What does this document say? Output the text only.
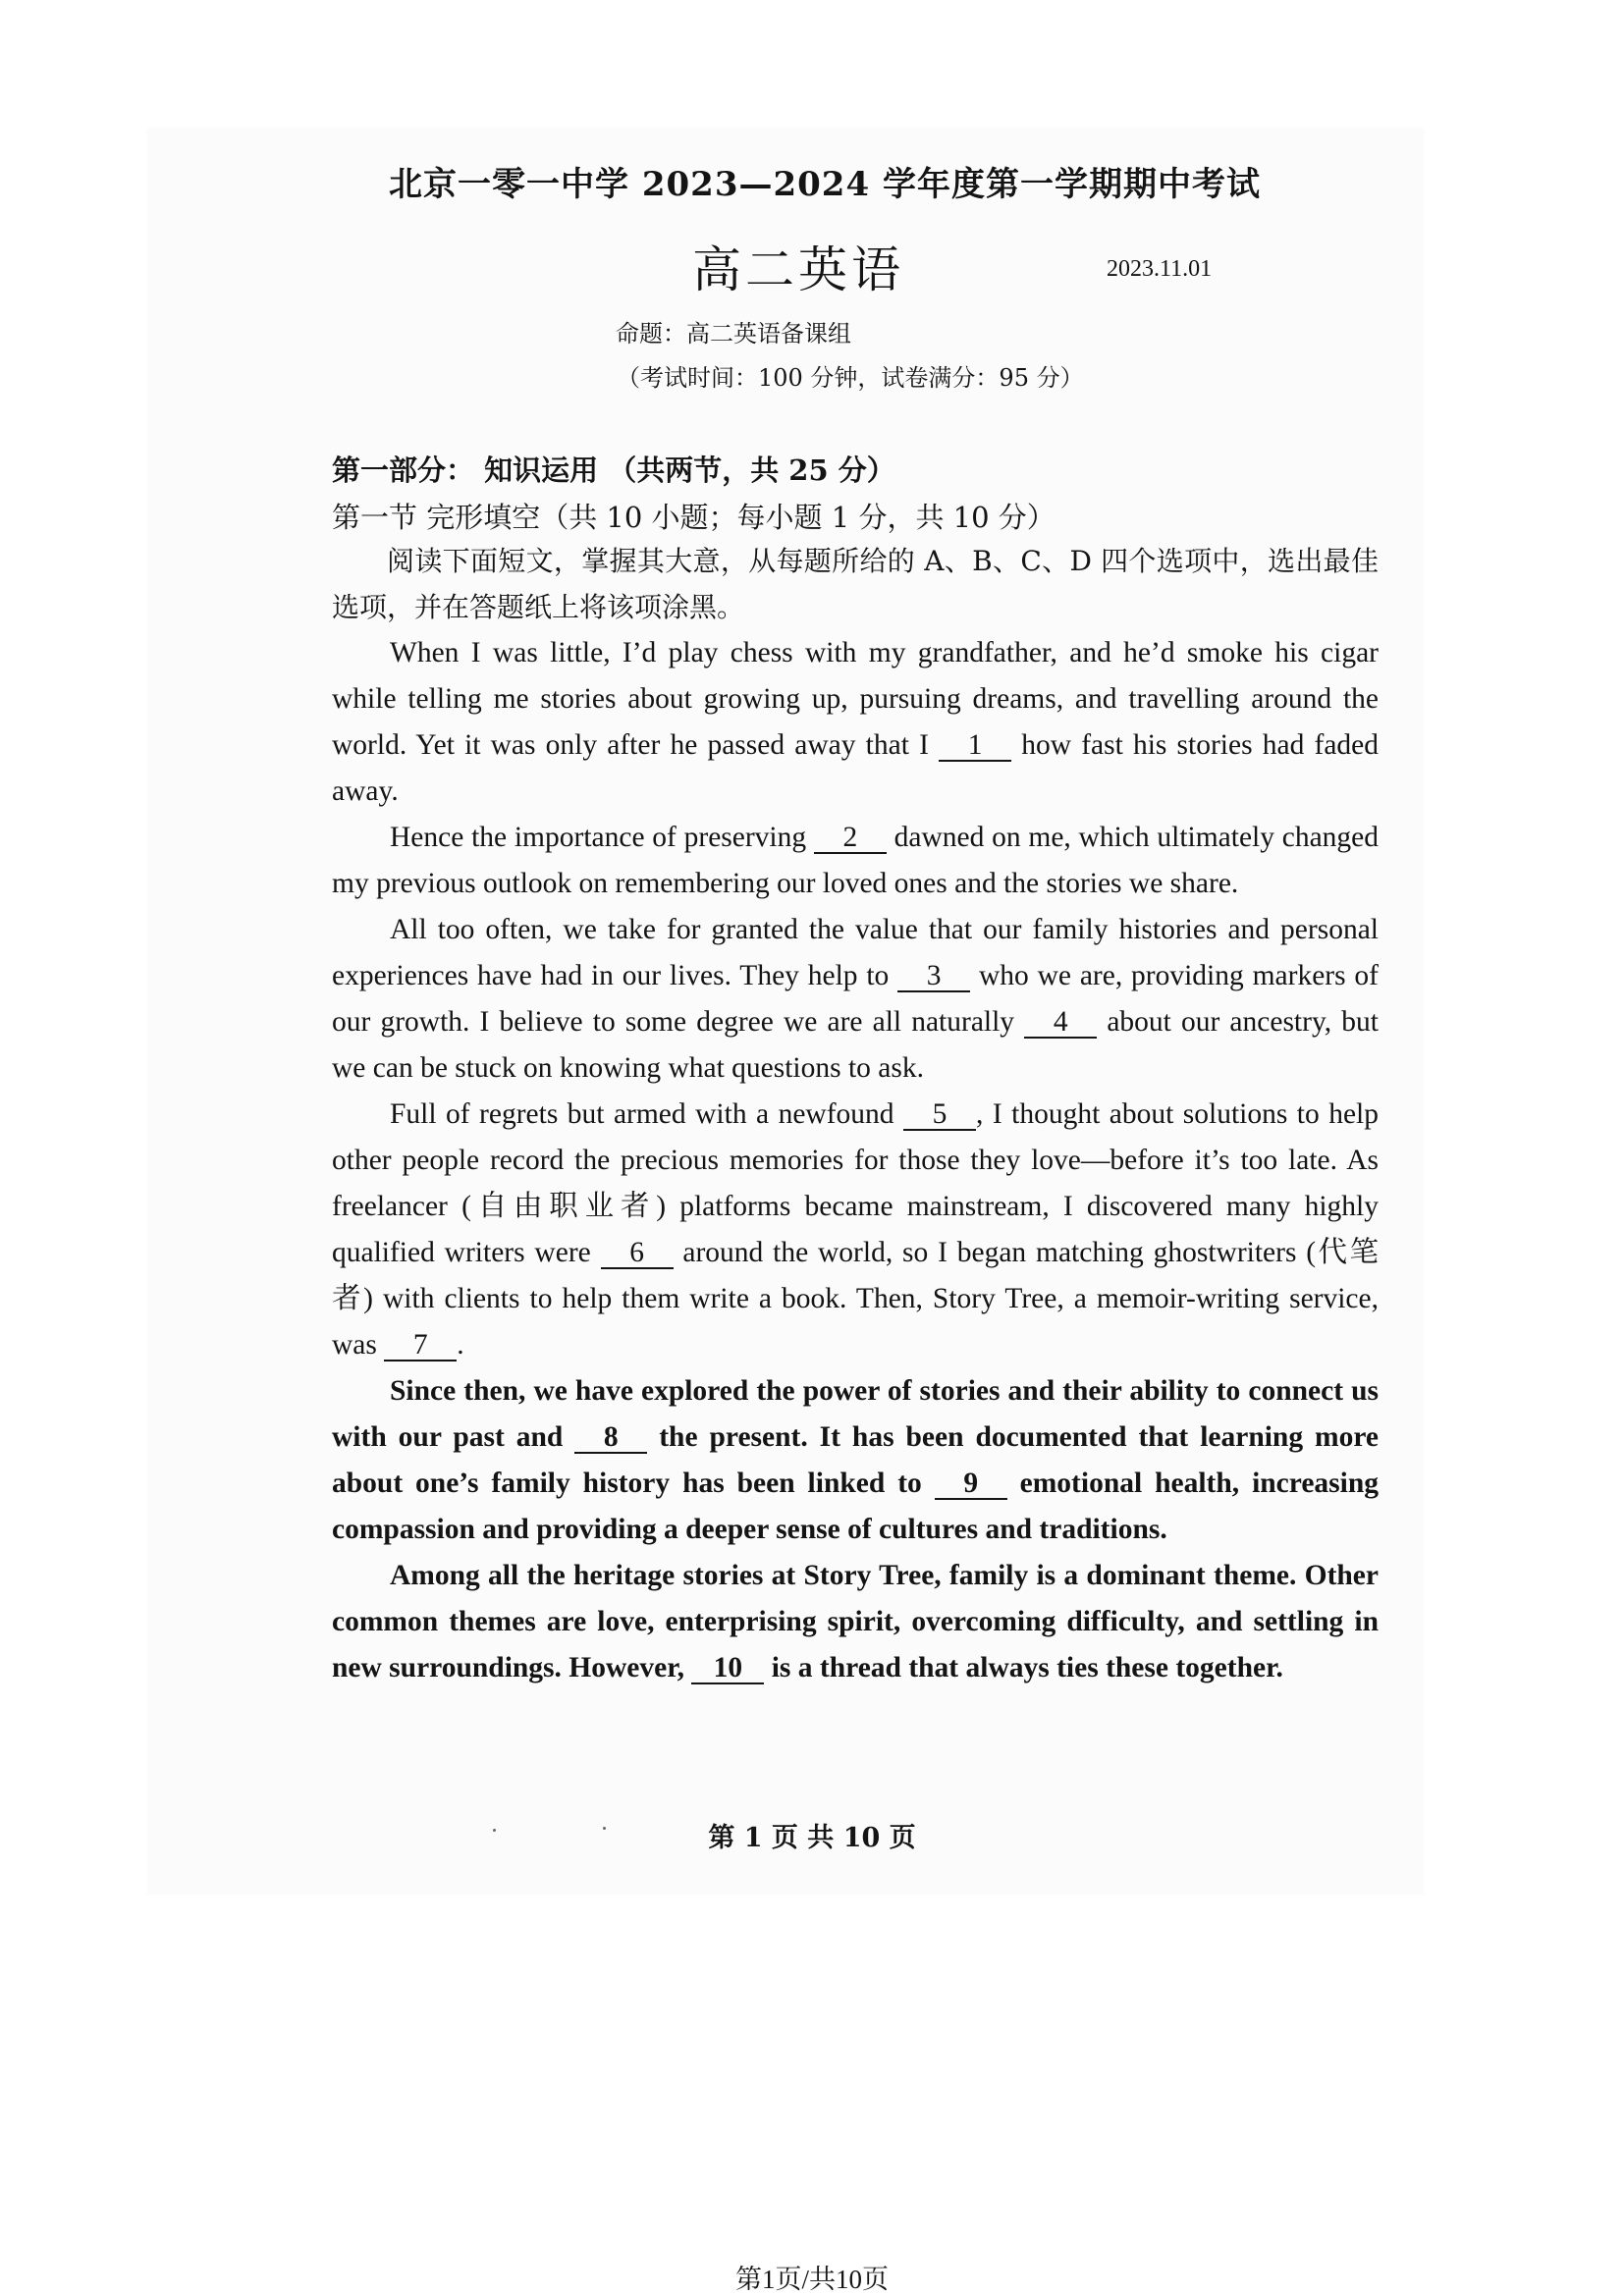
北京一零一中学 2023—2024 学年度第一学期期中考试
高二英语	2023.11.01
命题：高二英语备课组
（考试时间：100 分钟，试卷满分：95 分）
第一部分： 知识运用 （共两节，共 25 分）
第一节 完形填空（共 10 小题；每小题 1 分，共 10 分）

阅读下面短文，掌握其大意，从每题所给的 A、B、C、D 四个选项中，选出最佳选项，并在答题纸上将该项涂黑。

When I was little, I’d play chess with my grandfather, and he’d smoke his cigar while telling me stories about growing up, pursuing dreams, and travelling around the world. Yet it was only after he passed away that I 1 how fast his stories had faded away.

Hence the importance of preserving 2 dawned on me, which ultimately changed my previous outlook on remembering our loved ones and the stories we share.

All too often, we take for granted the value that our family histories and personal experiences have had in our lives. They help to 3 who we are, providing markers of our growth. I believe to some degree we are all naturally 4 about our ancestry, but we can be stuck on knowing what questions to ask.

Full of regrets but armed with a newfound 5 , I thought about solutions to help other people record the precious memories for those they love—before it’s too late. As freelancer (自由职业者) platforms became mainstream, I discovered many highly qualified writers were 6 around the world, so I began matching ghostwriters (代笔者) with clients to help them write a book. Then, Story Tree, a memoir-writing service, was 7 .

Since then, we have explored the power of stories and their ability to connect us with our past and 8 the present. It has been documented that learning more about one’s family history has been linked to 9 emotional health, increasing compassion and providing a deeper sense of cultures and traditions.

Among all the heritage stories at Story Tree, family is a dominant theme. Other common themes are love, enterprising spirit, overcoming difficulty, and settling in new surroundings. However, 10 is a thread that always ties these together.

第 1 页 共 10 页
第1页/共10页
